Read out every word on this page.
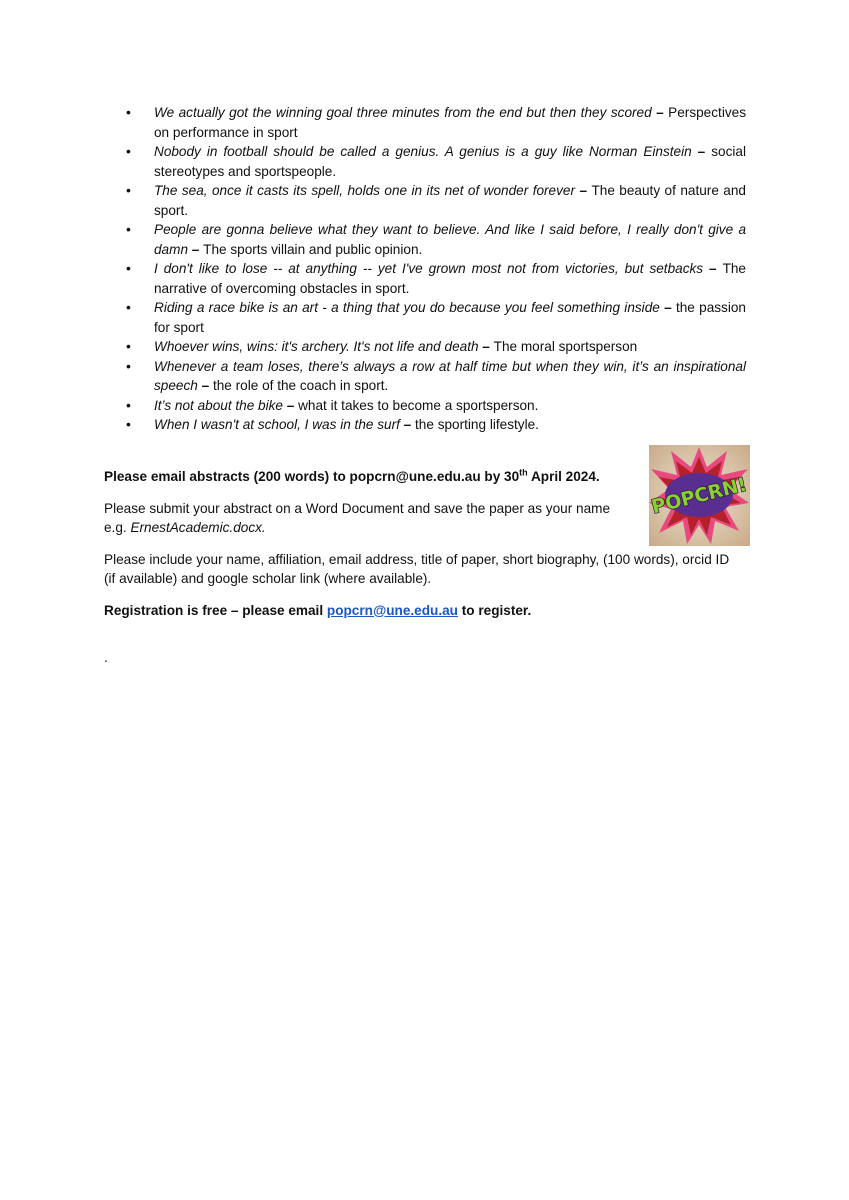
• We actually got the winning goal three minutes from the end but then they scored – Perspectives on performance in sport
• Nobody in football should be called a genius. A genius is a guy like Norman Einstein – social stereotypes and sportspeople.
• The sea, once it casts its spell, holds one in its net of wonder forever – The beauty of nature and sport.
• People are gonna believe what they want to believe. And like I said before, I really don't give a damn – The sports villain and public opinion.
• I don't like to lose -- at anything -- yet I've grown most not from victories, but setbacks – The narrative of overcoming obstacles in sport.
• Riding a race bike is an art - a thing that you do because you feel something inside – the passion for sport
• Whoever wins, wins: it's archery. It's not life and death – The moral sportsperson
• Whenever a team loses, there’s always a row at half time but when they win, it’s an inspirational speech – the role of the coach in sport.
• It’s not about the bike – what it takes to become a sportsperson.
• When I wasn't at school, I was in the surf – the sporting lifestyle.
POPCRN!

Please email abstracts (200 words) to popcrn@une.edu.au by 30th April 2024.

Please submit your abstract on a Word Document and save the paper as your name e.g. ErnestAcademic.docx.

Please include your name, affiliation, email address, title of paper, short biography, (100 words), orcid ID (if available) and google scholar link (where available).

Registration is free – please email popcrn@une.edu.au to register.

.
